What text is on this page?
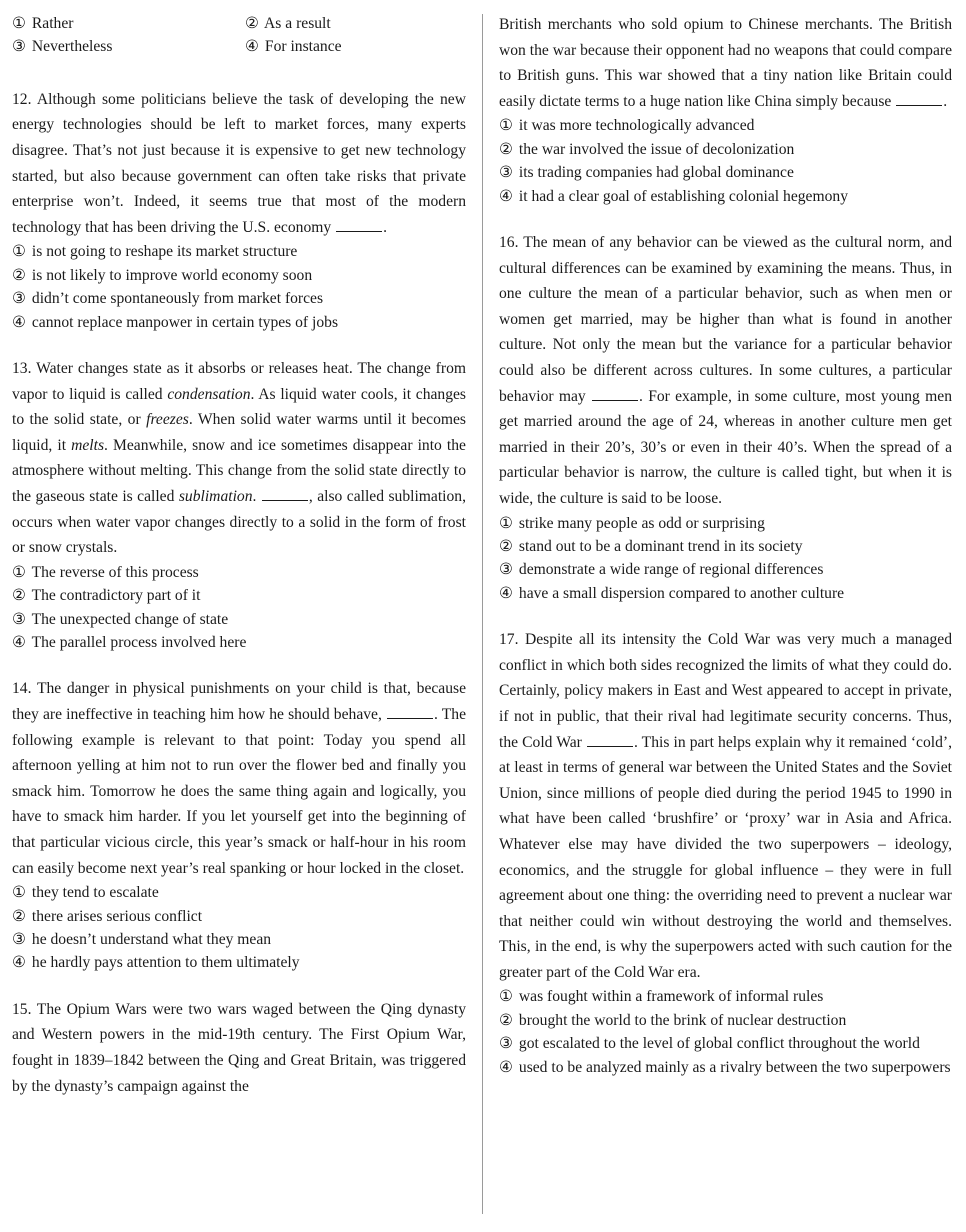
① Rather	② As a result
③ Nevertheless	④ For instance

12. Although some politicians believe the task of developing the new energy technologies should be left to market forces, many experts disagree. That’s not just because it is expensive to get new technology started, but also because government can often take risks that private enterprise won’t. Indeed, it seems true that most of the modern technology that has been driving the U.S. economy	.

① is not going to reshape its market structure
② is not likely to improve world economy soon
③ didn’t come spontaneously from market forces
④ cannot replace manpower in certain types of jobs

13. Water changes state as it absorbs or releases heat. The change from vapor to liquid is called condensation. As liquid water cools, it changes to the solid state, or freezes. When solid water warms until it becomes liquid, it melts. Meanwhile, snow and ice sometimes disappear into the atmosphere without melting. This change from the solid state directly to the gaseous state is called sublimation.	, also called sublimation, occurs when water vapor changes directly to a solid in the form of frost or snow crystals.

① The reverse of this process
② The contradictory part of it
③ The unexpected change of state
④ The parallel process involved here

14. The danger in physical punishments on your child is that, because they are ineffective in teaching him how he should behave,	. The following example is relevant to that point: Today you spend all afternoon yelling at him not to run over the flower bed and finally you smack him. Tomorrow he does the same thing again and logically, you have to smack him harder. If you let yourself get into the beginning of that particular vicious circle, this year’s smack or half-hour in his room can easily become next year’s real spanking or hour locked in the closet.

① they tend to escalate
② there arises serious conflict
③ he doesn’t understand what they mean
④ he hardly pays attention to them ultimately

15. The Opium Wars were two wars waged between the Qing dynasty and Western powers in the mid-19th century. The First Opium War, fought in 1839–1842 between the Qing and Great Britain, was triggered by the dynasty’s campaign against the

British merchants who sold opium to Chinese merchants. The British won the war because their opponent had no weapons that could compare to British guns. This war showed that a tiny nation like Britain could easily dictate terms to a huge nation like China simply because	.

① it was more technologically advanced
② the war involved the issue of decolonization
③ its trading companies had global dominance
④ it had a clear goal of establishing colonial hegemony

16. The mean of any behavior can be viewed as the cultural norm, and cultural differences can be examined by examining the means. Thus, in one culture the mean of a particular behavior, such as when men or women get married, may be higher than what is found in another culture. Not only the mean but the variance for a particular behavior could also be different across cultures. In some cultures, a particular behavior may	. For example, in some culture, most young men get married around the age of 24, whereas in another culture men get married in their 20’s, 30’s or even in their 40’s. When the spread of a particular behavior is narrow, the culture is called tight, but when it is wide, the culture is said to be loose.

① strike many people as odd or surprising
② stand out to be a dominant trend in its society
③ demonstrate a wide range of regional differences
④ have a small dispersion compared to another culture

17. Despite all its intensity the Cold War was very much a managed conflict in which both sides recognized the limits of what they could do. Certainly, policy makers in East and West appeared to accept in private, if not in public, that their rival had legitimate security concerns. Thus, the Cold War	. This in part helps explain why it remained ‘cold’, at least in terms of general war between the United States and the Soviet Union, since millions of people died during the period 1945 to 1990 in what have been called ‘brushfire’ or ‘proxy’ war in Asia and Africa. Whatever else may have divided the two superpowers – ideology, economics, and the struggle for global influence – they were in full agreement about one thing: the overriding need to prevent a nuclear war that neither could win without destroying the world and themselves. This, in the end, is why the superpowers acted with such caution for the greater part of the Cold War era.

① was fought within a framework of informal rules
② brought the world to the brink of nuclear destruction
③ got escalated to the level of global conflict throughout the world
④ used to be analyzed mainly as a rivalry between the two superpowers
